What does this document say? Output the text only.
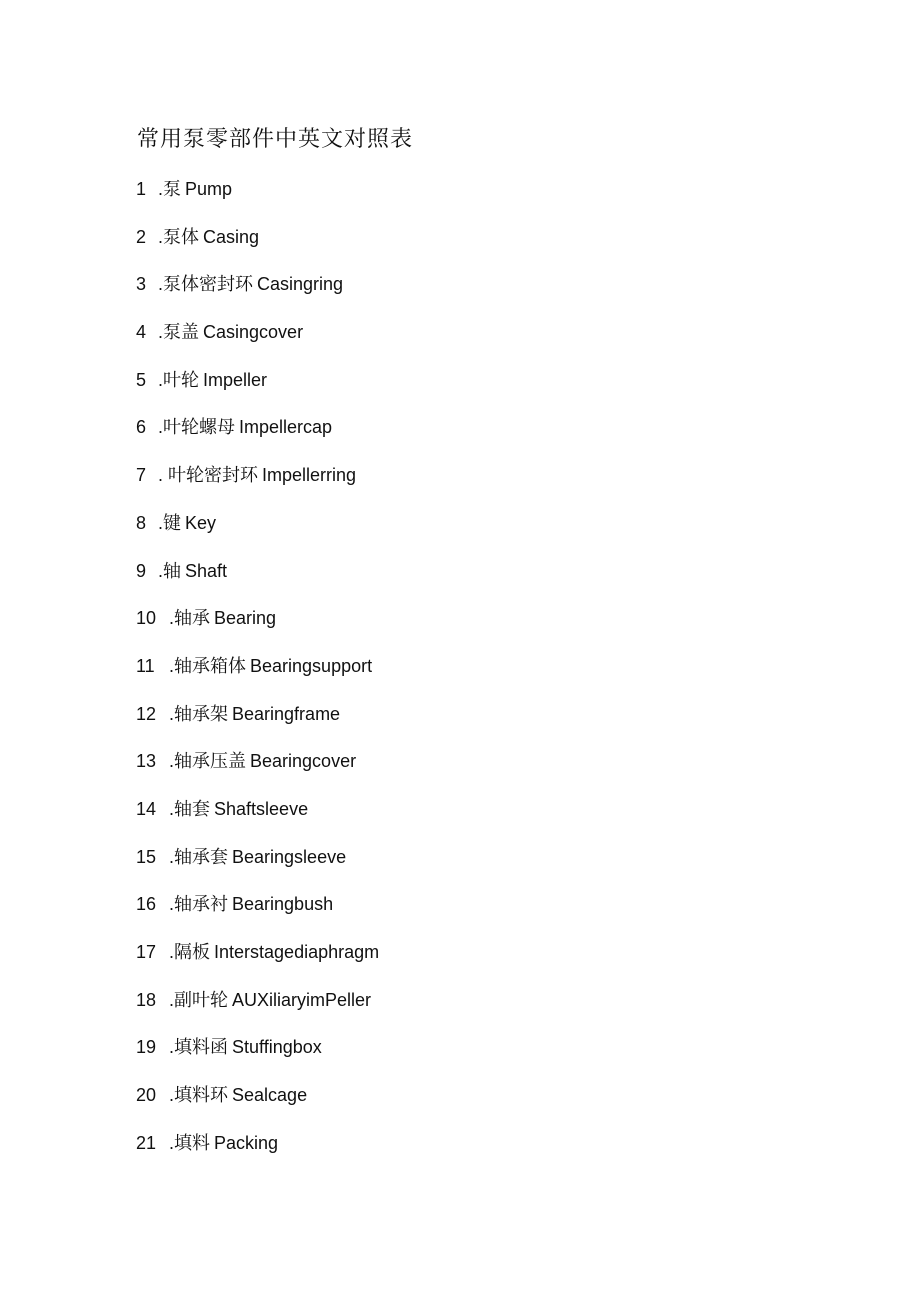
常用泵零部件中英文对照表
1 .泵 Pump
2 .泵体 Casing
3 .泵体密封环 Casingring
4 .泵盖 Casingcover
5 .叶轮 Impeller
6 .叶轮螺母 Impellercap
7 . 叶轮密封环 Impellerring
8 .键 Key
9 .轴 Shaft
10 .轴承 Bearing
11 .轴承箱体 Bearingsupport
12 .轴承架 Bearingframe
13 .轴承压盖 Bearingcover
14 .轴套 Shaftsleeve
15 .轴承套 Bearingsleeve
16 .轴承衬 Bearingbush
17 .隔板 Interstagediaphragm
18 .副叶轮 AUXiliaryimPeller
19 .填料函 Stuffingbox
20 .填料环 Sealcage
21 .填料 Packing
